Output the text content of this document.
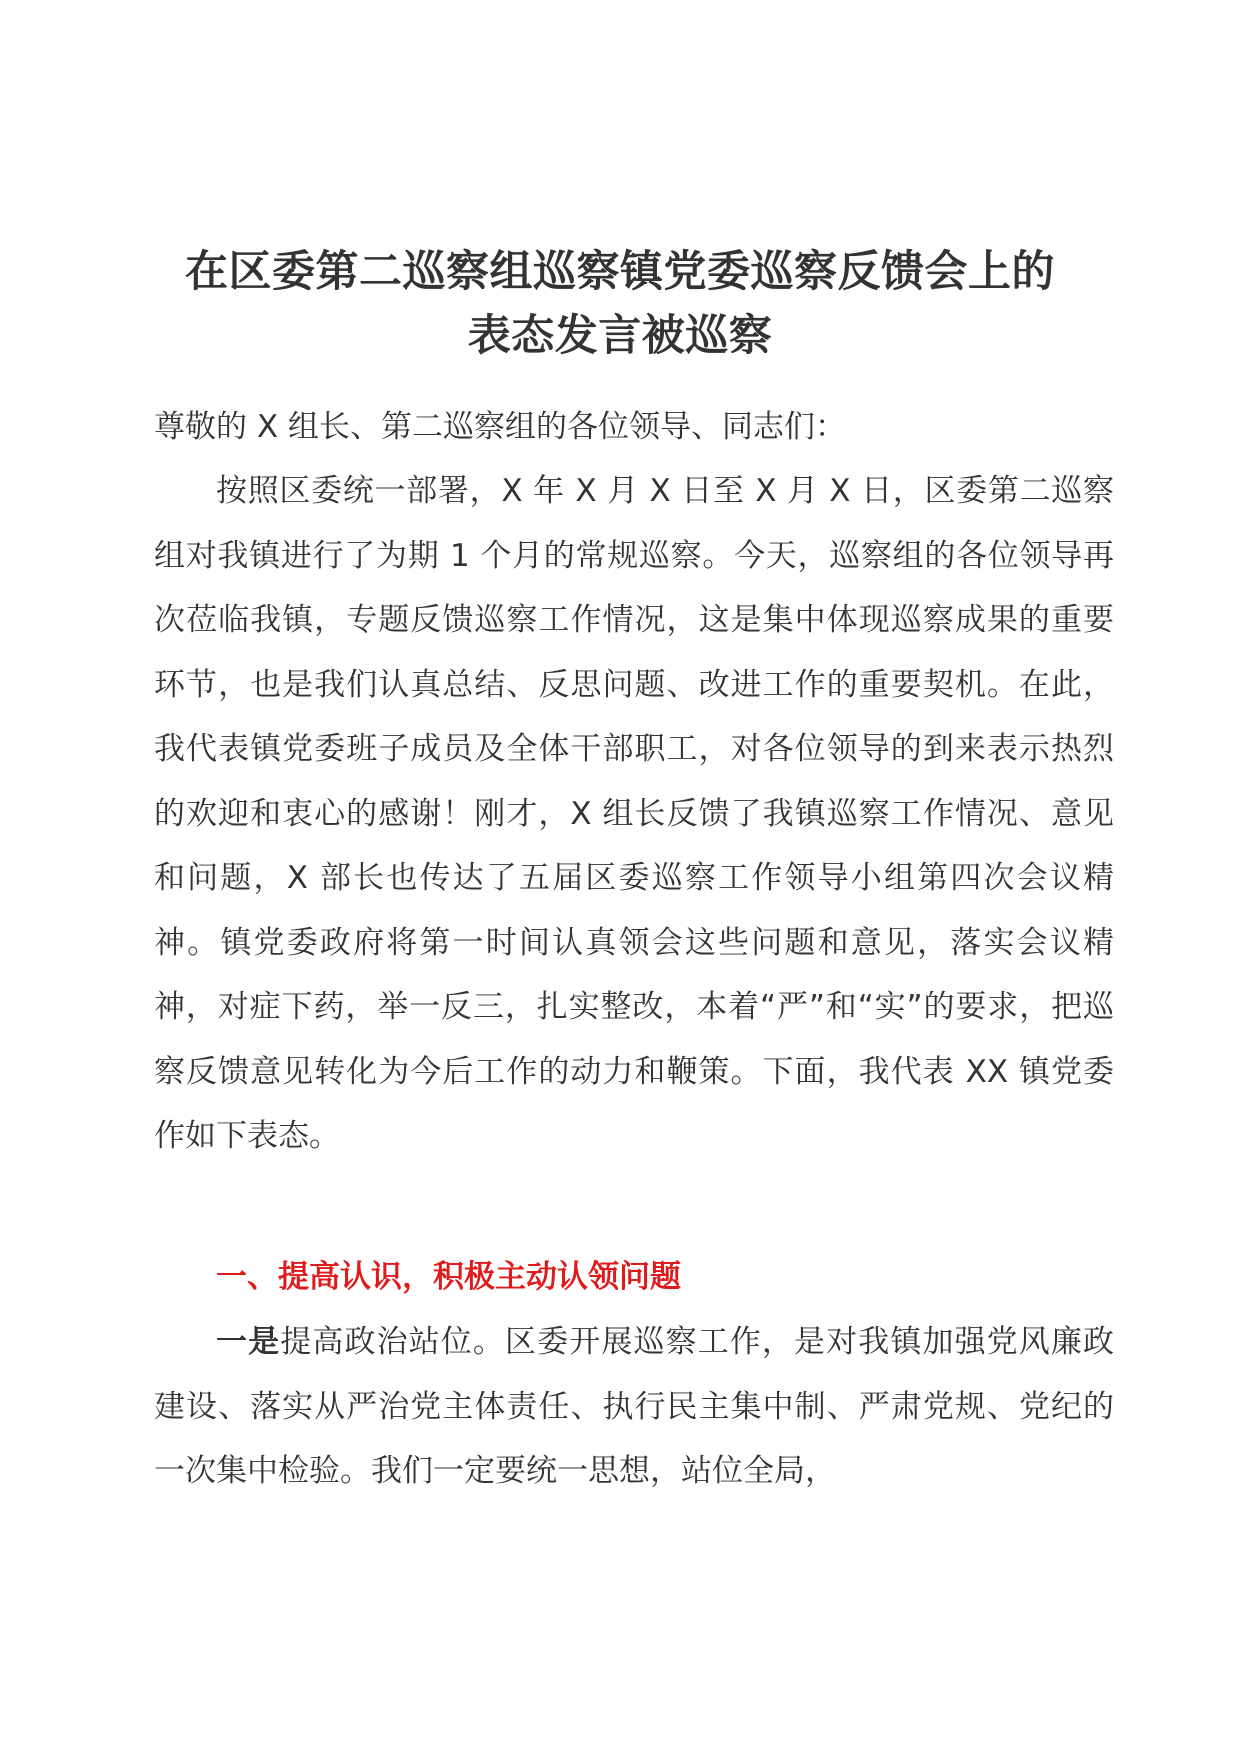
在区委第二巡察组巡察镇党委巡察反馈会上的
表态发言被巡察

尊敬的 X 组长、第二巡察组的各位领导、同志们：

按照区委统一部署，X 年 X 月 X 日至 X 月 X 日，区委第二巡察组对我镇进行了为期 1 个月的常规巡察。今天，巡察组的各位领导再次莅临我镇，专题反馈巡察工作情况，这是集中体现巡察成果的重要环节，也是我们认真总结、反思问题、改进工作的重要契机。在此，我代表镇党委班子成员及全体干部职工，对各位领导的到来表示热烈的欢迎和衷心的感谢！刚才，X 组长反馈了我镇巡察工作情况、意见和问题，X 部长也传达了五届区委巡察工作领导小组第四次会议精神。镇党委政府将第一时间认真领会这些问题和意见，落实会议精神，对症下药，举一反三，扎实整改，本着“严”和“实”的要求，把巡察反馈意见转化为今后工作的动力和鞭策。下面，我代表 XX 镇党委作如下表态。

一、提高认识，积极主动认领问题

一是提高政治站位。区委开展巡察工作，是对我镇加强党风廉政建设、落实从严治党主体责任、执行民主集中制、严肃党规、党纪的一次集中检验。我们一定要统一思想，站位全局，
